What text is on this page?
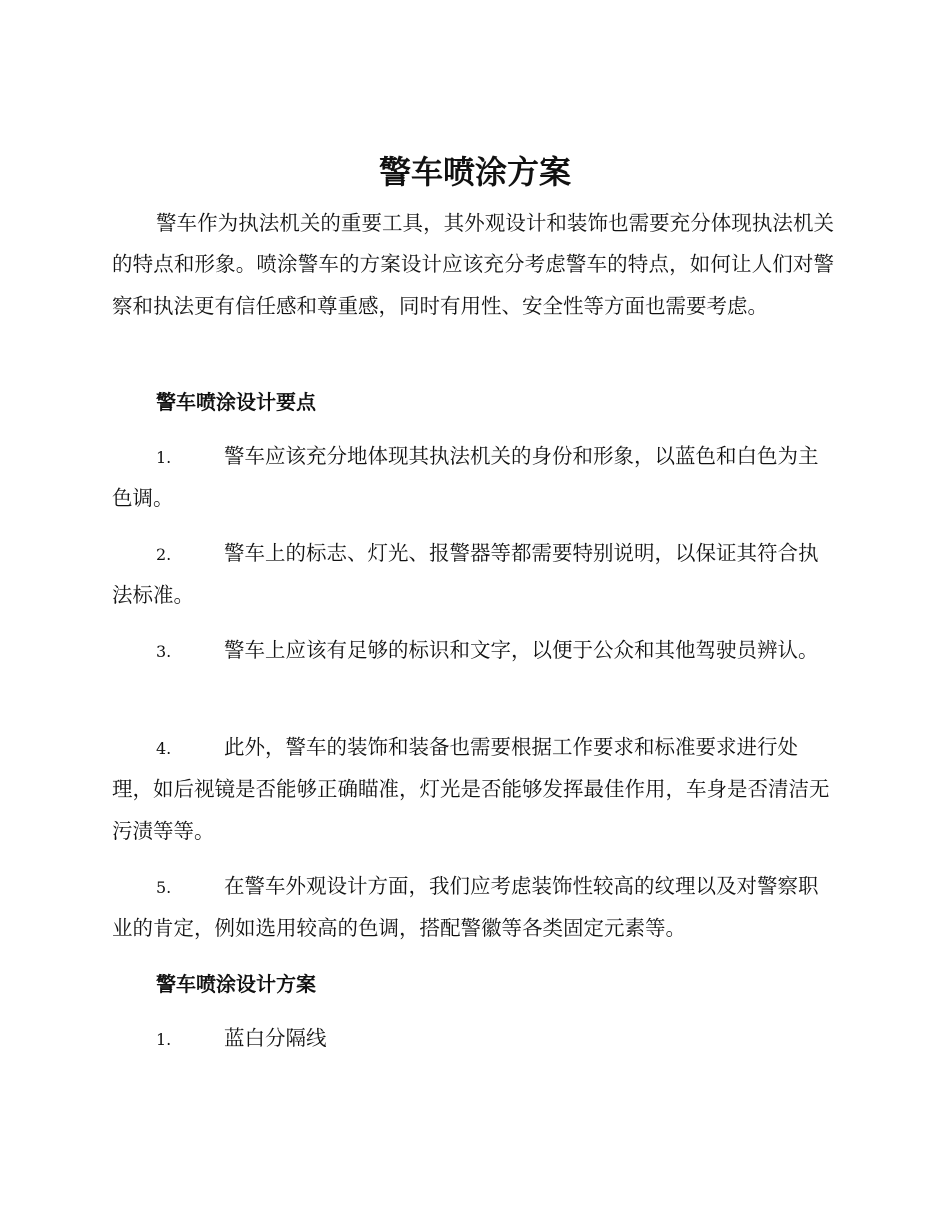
警车喷涂方案

警车作为执法机关的重要工具，其外观设计和装饰也需要充分体现执法机关的特点和形象。喷涂警车的方案设计应该充分考虑警车的特点，如何让人们对警察和执法更有信任感和尊重感，同时有用性、安全性等方面也需要考虑。

警车喷涂设计要点

1.	警车应该充分地体现其执法机关的身份和形象，以蓝色和白色为主色调。

2.	警车上的标志、灯光、报警器等都需要特别说明，以保证其符合执法标准。

3.	警车上应该有足够的标识和文字，以便于公众和其他驾驶员辨认。

4.	此外，警车的装饰和装备也需要根据工作要求和标准要求进行处理，如后视镜是否能够正确瞄准，灯光是否能够发挥最佳作用，车身是否清洁无污渍等等。

5.	在警车外观设计方面，我们应考虑装饰性较高的纹理以及对警察职业的肯定，例如选用较高的色调，搭配警徽等各类固定元素等。

警车喷涂设计方案

1.	蓝白分隔线
